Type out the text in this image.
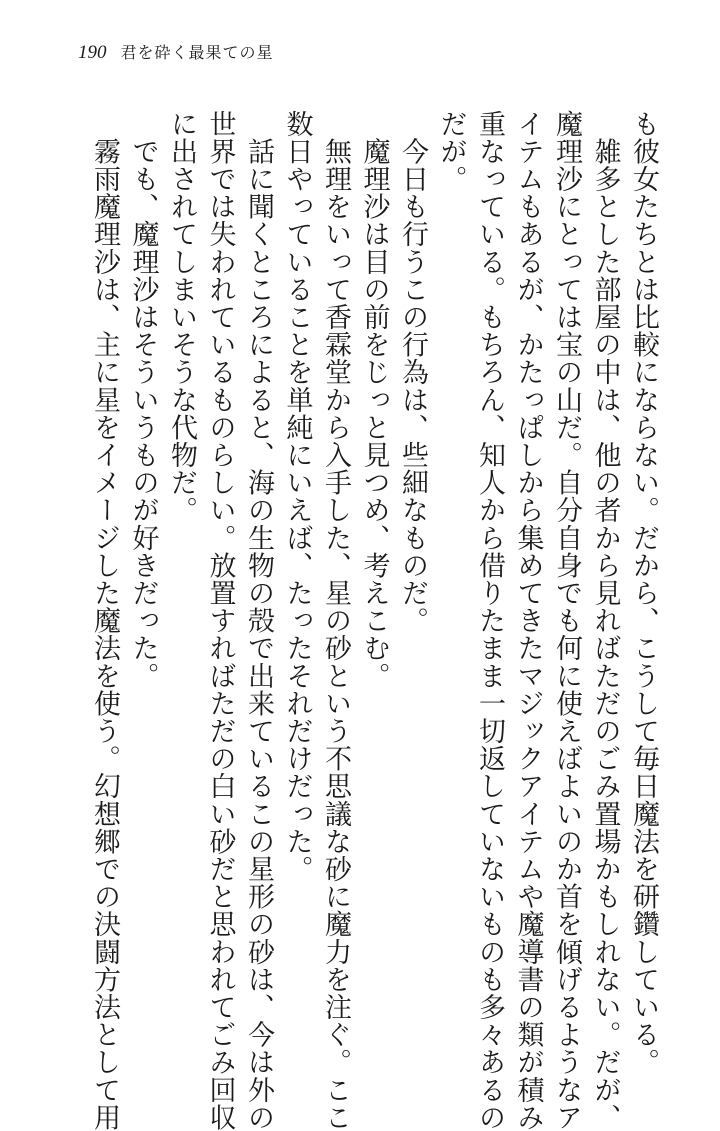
190 君を砕く最果ての星
も彼女たちとは比較にならない。だから、こうして毎日魔法を研鑽している。
　雑多とした部屋の中は、他の者から見ればただのごみ置場かもしれない。だが、
魔理沙にとっては宝の山だ。自分自身でも何に使えばよいのか首を傾げるようなア
イテムもあるが、かたっぱしから集めてきたマジックアイテムや魔導書の類が積み
重なっている。もちろん、知人から借りたまま一切返していないものも多々あるの
だが。
　今日も行うこの行為は、些細なものだ。
　魔理沙は目の前をじっと見つめ、考えこむ。
　無理をいって香霖堂から入手した、星の砂という不思議な砂に魔力を注ぐ。ここ
数日やっていることを単純にいえば、たったそれだけだった。
　話に聞くところによると、海の生物の殻で出来ているこの星形の砂は、今は外の
世界では失われているものらしい。放置すればただの白い砂だと思われてごみ回収
に出されてしまいそうな代物だ。
　でも、魔理沙はそういうものが好きだった。
　霧雨魔理沙は、主に星をイメージした魔法を使う。幻想郷での決闘方法として用
